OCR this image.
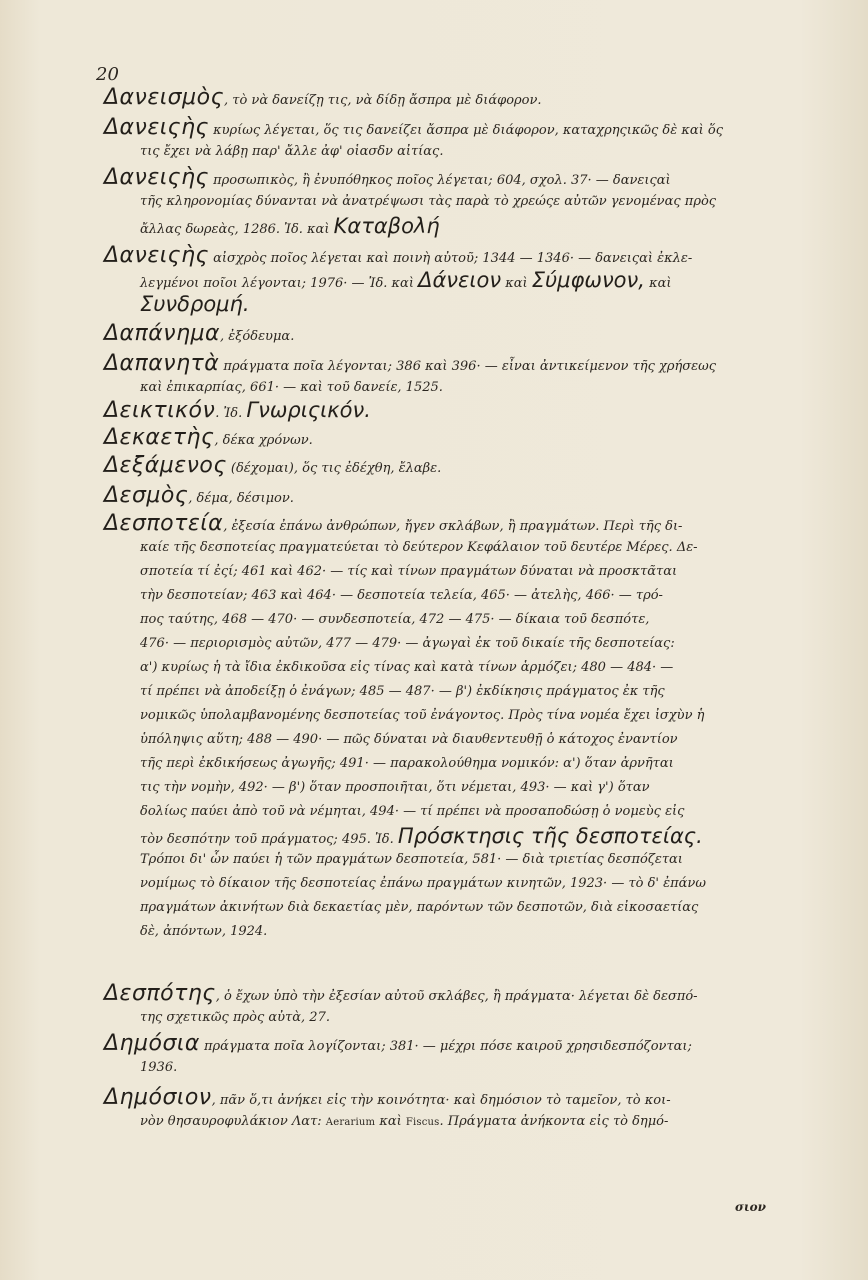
20
Δανεισμὸς, τὸ νὰ δανείζῃ τις, νὰ δίδῃ ἄσπρα μὲ διάφορον.
Δανειςὴς κυρίως λέγεται, ὅς τις δανείζει ἄσπρα μὲ διάφορον, καταχρηςικῶς δὲ καὶ ὅς
τις ἔχει νὰ λάβῃ παρ' ἄλλε ἀφ' οἱασδν αἰτίας.
Δανειςὴς προσωπικὸς, ἢ ἐνυπόθηκος ποῖος λέγεται; 604, σχολ. 37· — δανειςαὶ
τῆς κληρονομίας δύνανται νὰ ἀνατρέψωσι τὰς παρὰ τὸ χρεώςε αὐτῶν γενομένας πρὸς
ἄλλας δωρεὰς, 1286. Ἰδ. καὶ Καταβολή
Δανειςὴς αἰσχρὸς ποῖος λέγεται καὶ ποινὴ αὐτοῦ; 1344 — 1346· — δανειςαὶ ἐκλε-
λεγμένοι ποῖοι λέγονται; 1976· — Ἰδ. καὶ Δάνειον καὶ Σύμφωνον, καὶ
Συνδρομή.
Δαπάνημα, ἐξόδευμα.
Δαπανητὰ πράγματα ποῖα λέγονται; 386 καὶ 396· — εἶναι ἀντικείμενον τῆς χρήσεως
καὶ ἐπικαρπίας, 661· — καὶ τοῦ δανείε, 1525.
Δεικτικόν. Ἰδ. Γνωριςικόν.
Δεκαετὴς, δέκα χρόνων.
Δεξάμενος (δέχομαι), ὅς τις ἐδέχθη, ἔλαβε.
Δεσμὸς, δέμα, δέσιμον.
Δεσποτεία, ἐξεσία ἐπάνω ἀνθρώπων, ἤγεν σκλάβων, ἢ πραγμάτων. Περὶ τῆς δι-
καίε τῆς δεσποτείας πραγματεύεται τὸ δεύτερον Κεφάλαιον τοῦ δευτέρε Μέρες. Δε-
σποτεία τί ἐςί; 461 καὶ 462· — τίς καὶ τίνων πραγμάτων δύναται νὰ προσκτᾶται
τὴν δεσποτείαν; 463 καὶ 464· — δεσποτεία τελεία, 465· — ἀτελὴς, 466· — τρό-
πος ταύτης, 468 — 470· — συνδεσποτεία, 472 — 475· — δίκαια τοῦ δεσπότε,
476· — περιορισμὸς αὐτῶν, 477 — 479· — ἀγωγαὶ ἐκ τοῦ δικαίε τῆς δεσποτείας:
α') κυρίως ἡ τὰ ἴδια ἐκδικοῦσα εἰς τίνας καὶ κατὰ τίνων ἁρμόζει; 480 — 484· —
τί πρέπει νὰ ἀποδείξῃ ὁ ἐνάγων; 485 — 487· — β') ἐκδίκησις πράγματος ἐκ τῆς
νομικῶς ὑπολαμβανομένης δεσποτείας τοῦ ἐνάγοντος. Πρὸς τίνα νομέα ἔχει ἰσχὺν ἡ
ὑπόληψις αὕτη; 488 — 490· — πῶς δύναται νὰ διαυθεντευθῇ ὁ κάτοχος ἐναντίον
τῆς περὶ ἐκδικήσεως ἀγωγῆς; 491· — παρακολούθημα νομικόν: α') ὅταν ἀρνῆται
τις τὴν νομὴν, 492· — β') ὅταν προσποιῆται, ὅτι νέμεται, 493· — καὶ γ') ὅταν
δολίως παύει ἀπὸ τοῦ νὰ νέμηται, 494· — τί πρέπει νὰ προσαποδώσῃ ὁ νομεὺς εἰς
τὸν δεσπότην τοῦ πράγματος; 495. Ἰδ. Πρόσκτησις τῆς δεσποτείας.
Τρόποι δι' ὧν παύει ἡ τῶν πραγμάτων δεσποτεία, 581· — διὰ τριετίας δεσπόζεται
νομίμως τὸ δίκαιον τῆς δεσποτείας ἐπάνω πραγμάτων κινητῶν, 1923· — τὸ δ' ἐπάνω
πραγμάτων ἀκινήτων διὰ δεκαετίας μὲν, παρόντων τῶν δεσποτῶν, διὰ εἰκοσαετίας
δὲ, ἀπόντων, 1924.
Δεσπότης, ὁ ἔχων ὑπὸ τὴν ἐξεσίαν αὐτοῦ σκλάβες, ἢ πράγματα· λέγεται δὲ δεσπό-
της σχετικῶς πρὸς αὐτὰ, 27.
Δημόσια πράγματα ποῖα λογίζονται; 381· — μέχρι πόσε καιροῦ χρησιδεσπόζονται;
1936.
Δημόσιον, πᾶν ὅ,τι ἀνήκει εἰς τὴν κοινότητα· καὶ δημόσιον τὸ ταμεῖον, τὸ κοι-
νὸν θησαυροφυλάκιον Λατ: Aerarium καὶ Fiscus. Πράγματα ἀνήκοντα εἰς τὸ δημό-
σιον
